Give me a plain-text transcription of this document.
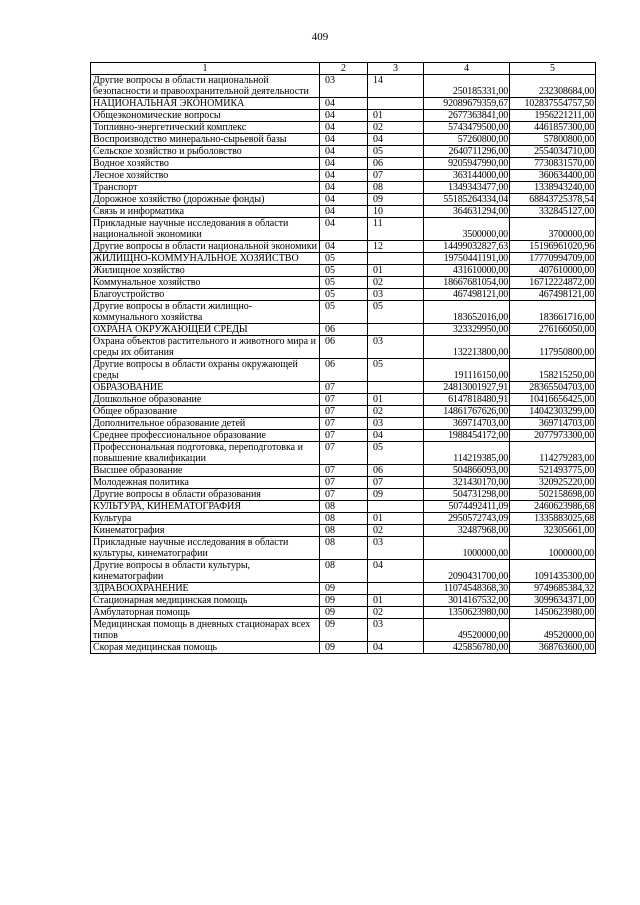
409
1	2	3	4	5
Другие вопросы в области национальной безопасности и правоохранительной деятельности	03	14	250185331,00	232308684,00
НАЦИОНАЛЬНАЯ ЭКОНОМИКА	04		92089679359,67	102837554757,50
Общеэкономические вопросы	04	01	2677363841,00	1956221211,00
Топливно-энергетический комплекс	04	02	5743479500,00	4461857300,00
Воспроизводство минерально-сырьевой базы	04	04	57260800,00	57800800,00
Сельское хозяйство и рыболовство	04	05	2640711296,00	2554034710,00
Водное хозяйство	04	06	9205947990,00	7730831570,00
Лесное хозяйство	04	07	363144000,00	360634400,00
Транспорт	04	08	1349343477,00	1338943240,00
Дорожное хозяйство (дорожные фонды)	04	09	55185264334,04	68843725378,54
Связь и информатика	04	10	364631294,00	332845127,00
Прикладные научные исследования в области национальной экономики	04	11	3500000,00	3700000,00
Другие вопросы в области национальной экономики	04	12	14499032827,63	15196961020,96
ЖИЛИЩНО-КОММУНАЛЬНОЕ ХОЗЯЙСТВО	05		19750441191,00	17770994709,00
Жилищное хозяйство	05	01	431610000,00	407610000,00
Коммунальное хозяйство	05	02	18667681054,00	16712224872,00
Благоустройство	05	03	467498121,00	467498121,00
Другие вопросы в области жилищно-коммунального хозяйства	05	05	183652016,00	183661716,00
ОХРАНА ОКРУЖАЮЩЕЙ СРЕДЫ	06		323329950,00	276166050,00
Охрана объектов растительного и животного мира и среды их обитания	06	03	132213800,00	117950800,00
Другие вопросы в области охраны окружающей среды	06	05	191116150,00	158215250,00
ОБРАЗОВАНИЕ	07		24813001927,91	28365504703,00
Дошкольное образование	07	01	6147818480,91	10416656425,00
Общее образование	07	02	14861767626,00	14042303299,00
Дополнительное образование детей	07	03	369714703,00	369714703,00
Среднее профессиональное образование	07	04	1988454172,00	2077973300,00
Профессиональная подготовка, переподготовка и повышение квалификации	07	05	114219385,00	114279283,00
Высшее образование	07	06	504866093,00	521493775,00
Молодежная политика	07	07	321430170,00	320925220,00
Другие вопросы в области образования	07	09	504731298,00	502158698,00
КУЛЬТУРА, КИНЕМАТОГРАФИЯ	08		5074492411,09	2460623986,68
Культура	08	01	2950572743,09	1335883025,68
Кинематография	08	02	32487968,00	32305661,00
Прикладные научные исследования в области культуры, кинематографии	08	03	1000000,00	1000000,00
Другие вопросы в области культуры, кинематографии	08	04	2090431700,00	1091435300,00
ЗДРАВООХРАНЕНИЕ	09		11074548368,30	9749685384,32
Стационарная медицинская помощь	09	01	3014167532,00	3099634371,00
Амбулаторная помощь	09	02	1350623980,00	1450623980,00
Медицинская помощь в дневных стационарах всех типов	09	03	49520000,00	49520000,00
Скорая медицинская помощь	09	04	425856780,00	368763600,00
